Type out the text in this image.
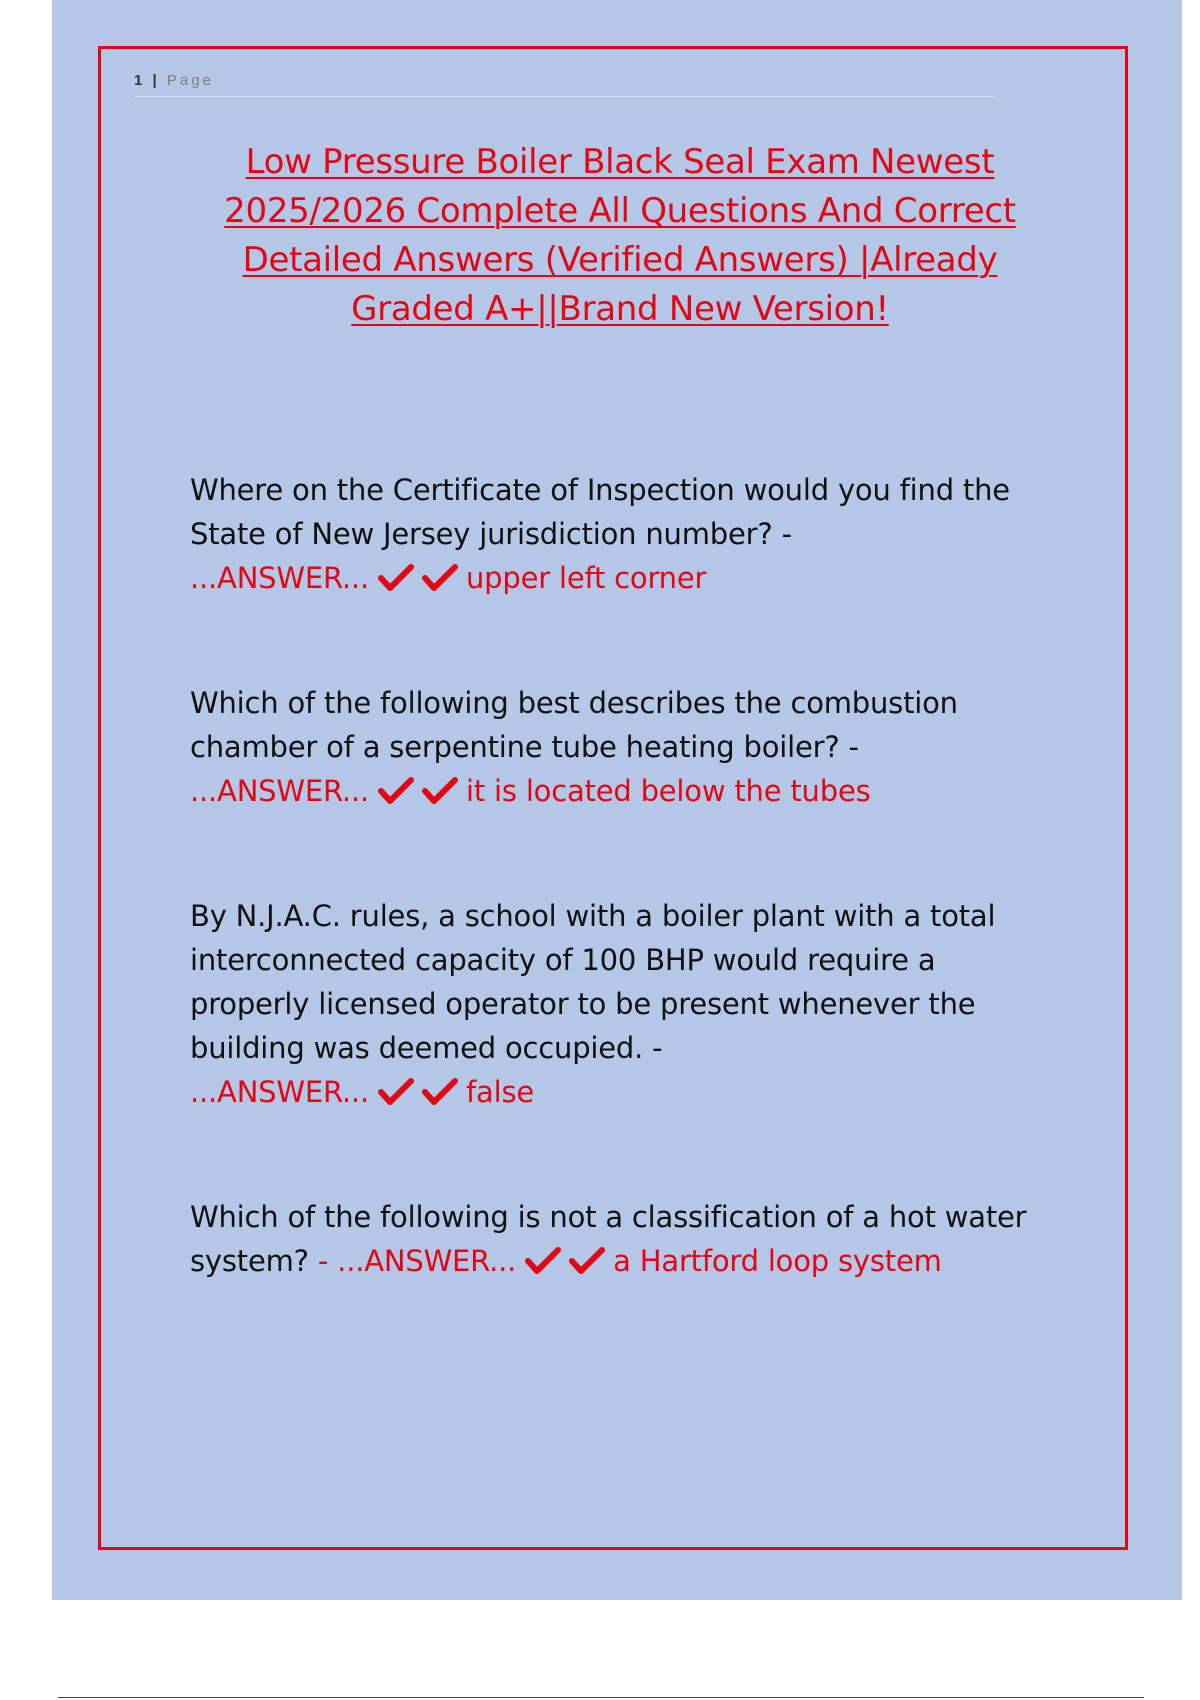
1 | Page
Low Pressure Boiler Black Seal Exam Newest 2025/2026 Complete All Questions And Correct Detailed Answers (Verified Answers) |Already Graded A+||Brand New Version!
Where on the Certificate of Inspection would you find the State of New Jersey jurisdiction number? -
...ANSWER...	upper left corner
Which of the following best describes the combustion chamber of a serpentine tube heating boiler? -
...ANSWER...	it is located below the tubes
By N.J.A.C. rules, a school with a boiler plant with a total interconnected capacity of 100 BHP would require a properly licensed operator to be present whenever the building was deemed occupied. -
...ANSWER...	false
Which of the following is not a classification of a hot water system? - ...ANSWER...	a Hartford loop system
